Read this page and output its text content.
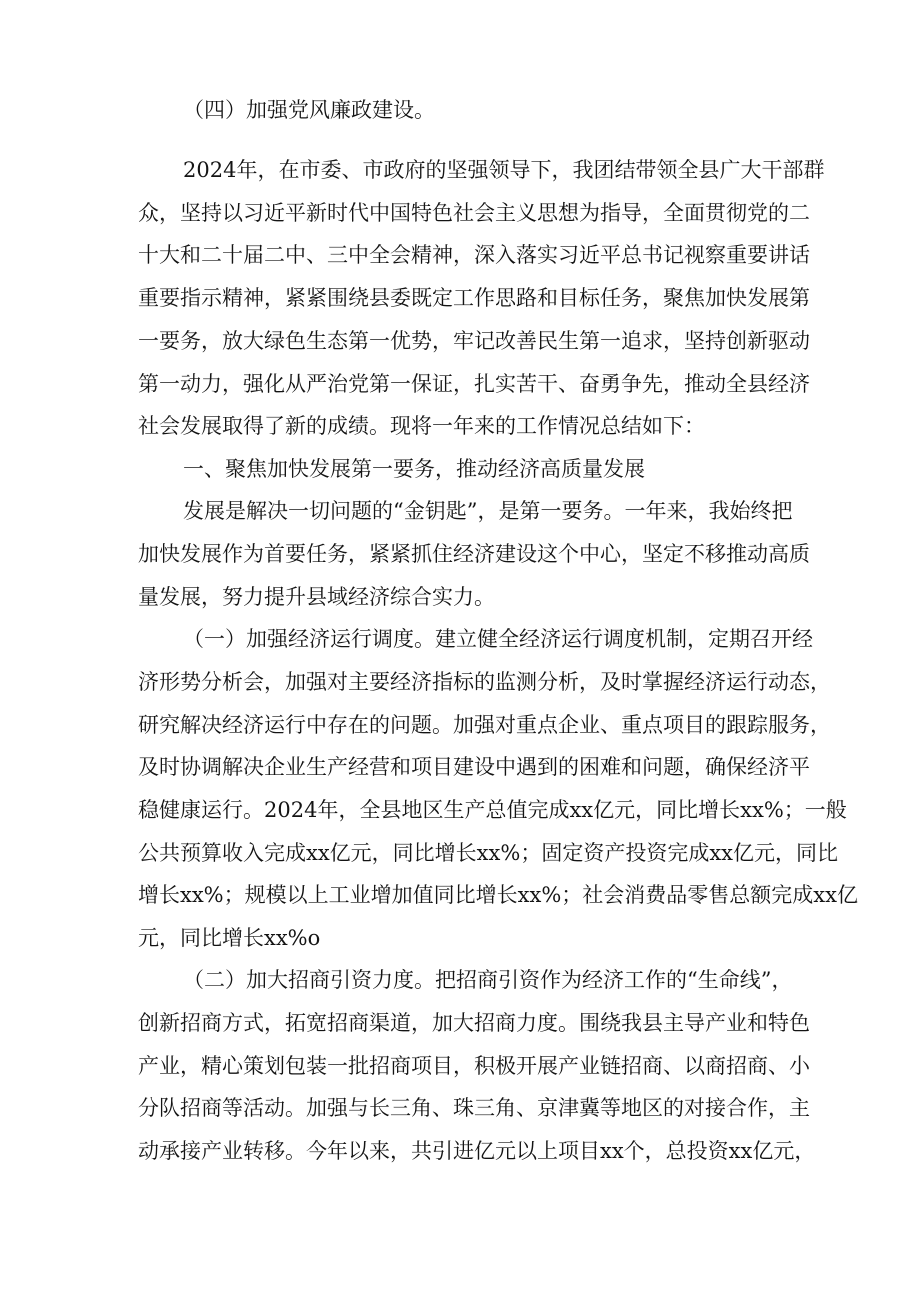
（四）加强党风廉政建设。
2024年，在市委、市政府的坚强领导下，我团结带领全县广大干部群
众，坚持以习近平新时代中国特色社会主义思想为指导，全面贯彻党的二
十大和二十届二中、三中全会精神，深入落实习近平总书记视察重要讲话
重要指示精神，紧紧围绕县委既定工作思路和目标任务，聚焦加快发展第
一要务，放大绿色生态第一优势，牢记改善民生第一追求，坚持创新驱动
第一动力，强化从严治党第一保证，扎实苦干、奋勇争先，推动全县经济
社会发展取得了新的成绩。现将一年来的工作情况总结如下：
一、聚焦加快发展第一要务，推动经济高质量发展
发展是解决一切问题的“金钥匙”，是第一要务。一年来，我始终把
加快发展作为首要任务，紧紧抓住经济建设这个中心，坚定不移推动高质
量发展，努力提升县域经济综合实力。
（一）加强经济运行调度。建立健全经济运行调度机制，定期召开经
济形势分析会，加强对主要经济指标的监测分析，及时掌握经济运行动态，
研究解决经济运行中存在的问题。加强对重点企业、重点项目的跟踪服务，
及时协调解决企业生产经营和项目建设中遇到的困难和问题，确保经济平
稳健康运行。2024年，全县地区生产总值完成xx亿元，同比增长xx%；一般
公共预算收入完成xx亿元，同比增长xx%；固定资产投资完成xx亿元，同比
增长xx%；规模以上工业增加值同比增长xx%；社会消费品零售总额完成xx亿
元，同比增长xx%o
（二）加大招商引资力度。把招商引资作为经济工作的“生命线”，
创新招商方式，拓宽招商渠道，加大招商力度。围绕我县主导产业和特色
产业，精心策划包装一批招商项目，积极开展产业链招商、以商招商、小
分队招商等活动。加强与长三角、珠三角、京津冀等地区的对接合作，主
动承接产业转移。今年以来，共引进亿元以上项目xx个，总投资xx亿元，
